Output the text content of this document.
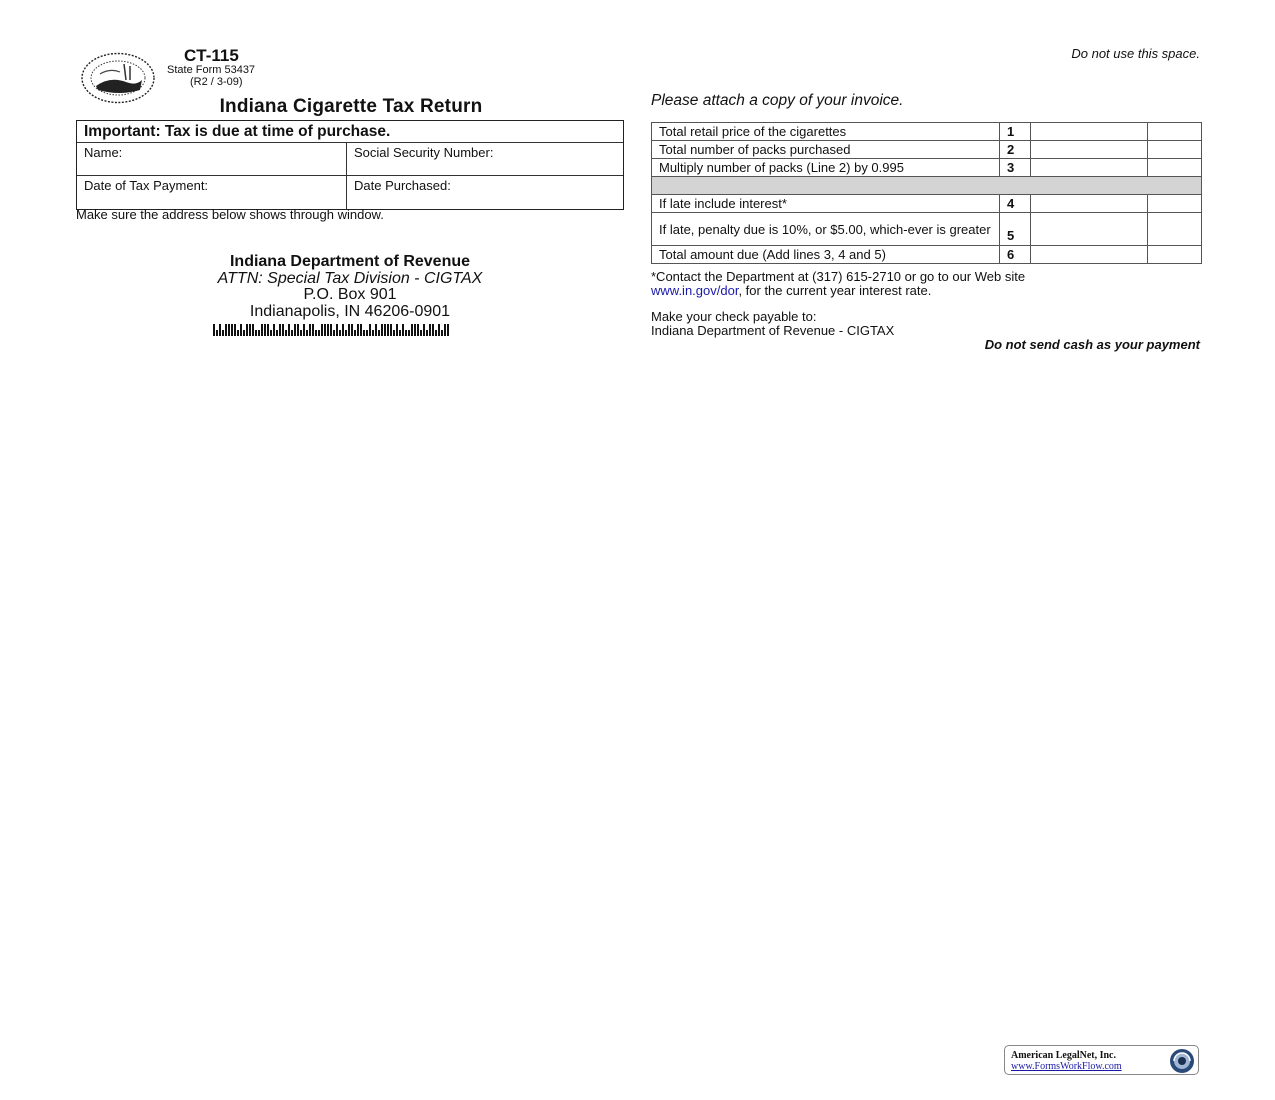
CT-115
State Form 53437
(R2 / 3-09)
Indiana Cigarette Tax Return
Important: Tax is due at time of purchase.
Name:	Social Security Number:
Date of Tax Payment:	Date Purchased:
Make sure the address below shows through window.
Indiana Department of Revenue
ATTN: Special Tax Division - CIGTAX
P.O. Box 901
Indianapolis, IN 46206-0901
Do not use this space.
Please attach a copy of your invoice.
Total retail price of the cigarettes	1		
Total number of packs purchased	2		
Multiply number of packs (Line 2) by 0.995	3		

If late include interest*	4		
If late, penalty due is 10%, or $5.00, which-ever is greater	5		
Total amount due (Add lines 3, 4 and 5)	6		
*Contact the Department at (317) 615-2710 or go to our Web site
www.in.gov/dor, for the current year interest rate.
Make your check payable to:
Indiana Department of Revenue - CIGTAX
Do not send cash as your payment
American LegalNet, Inc.
www.FormsWorkFlow.com
